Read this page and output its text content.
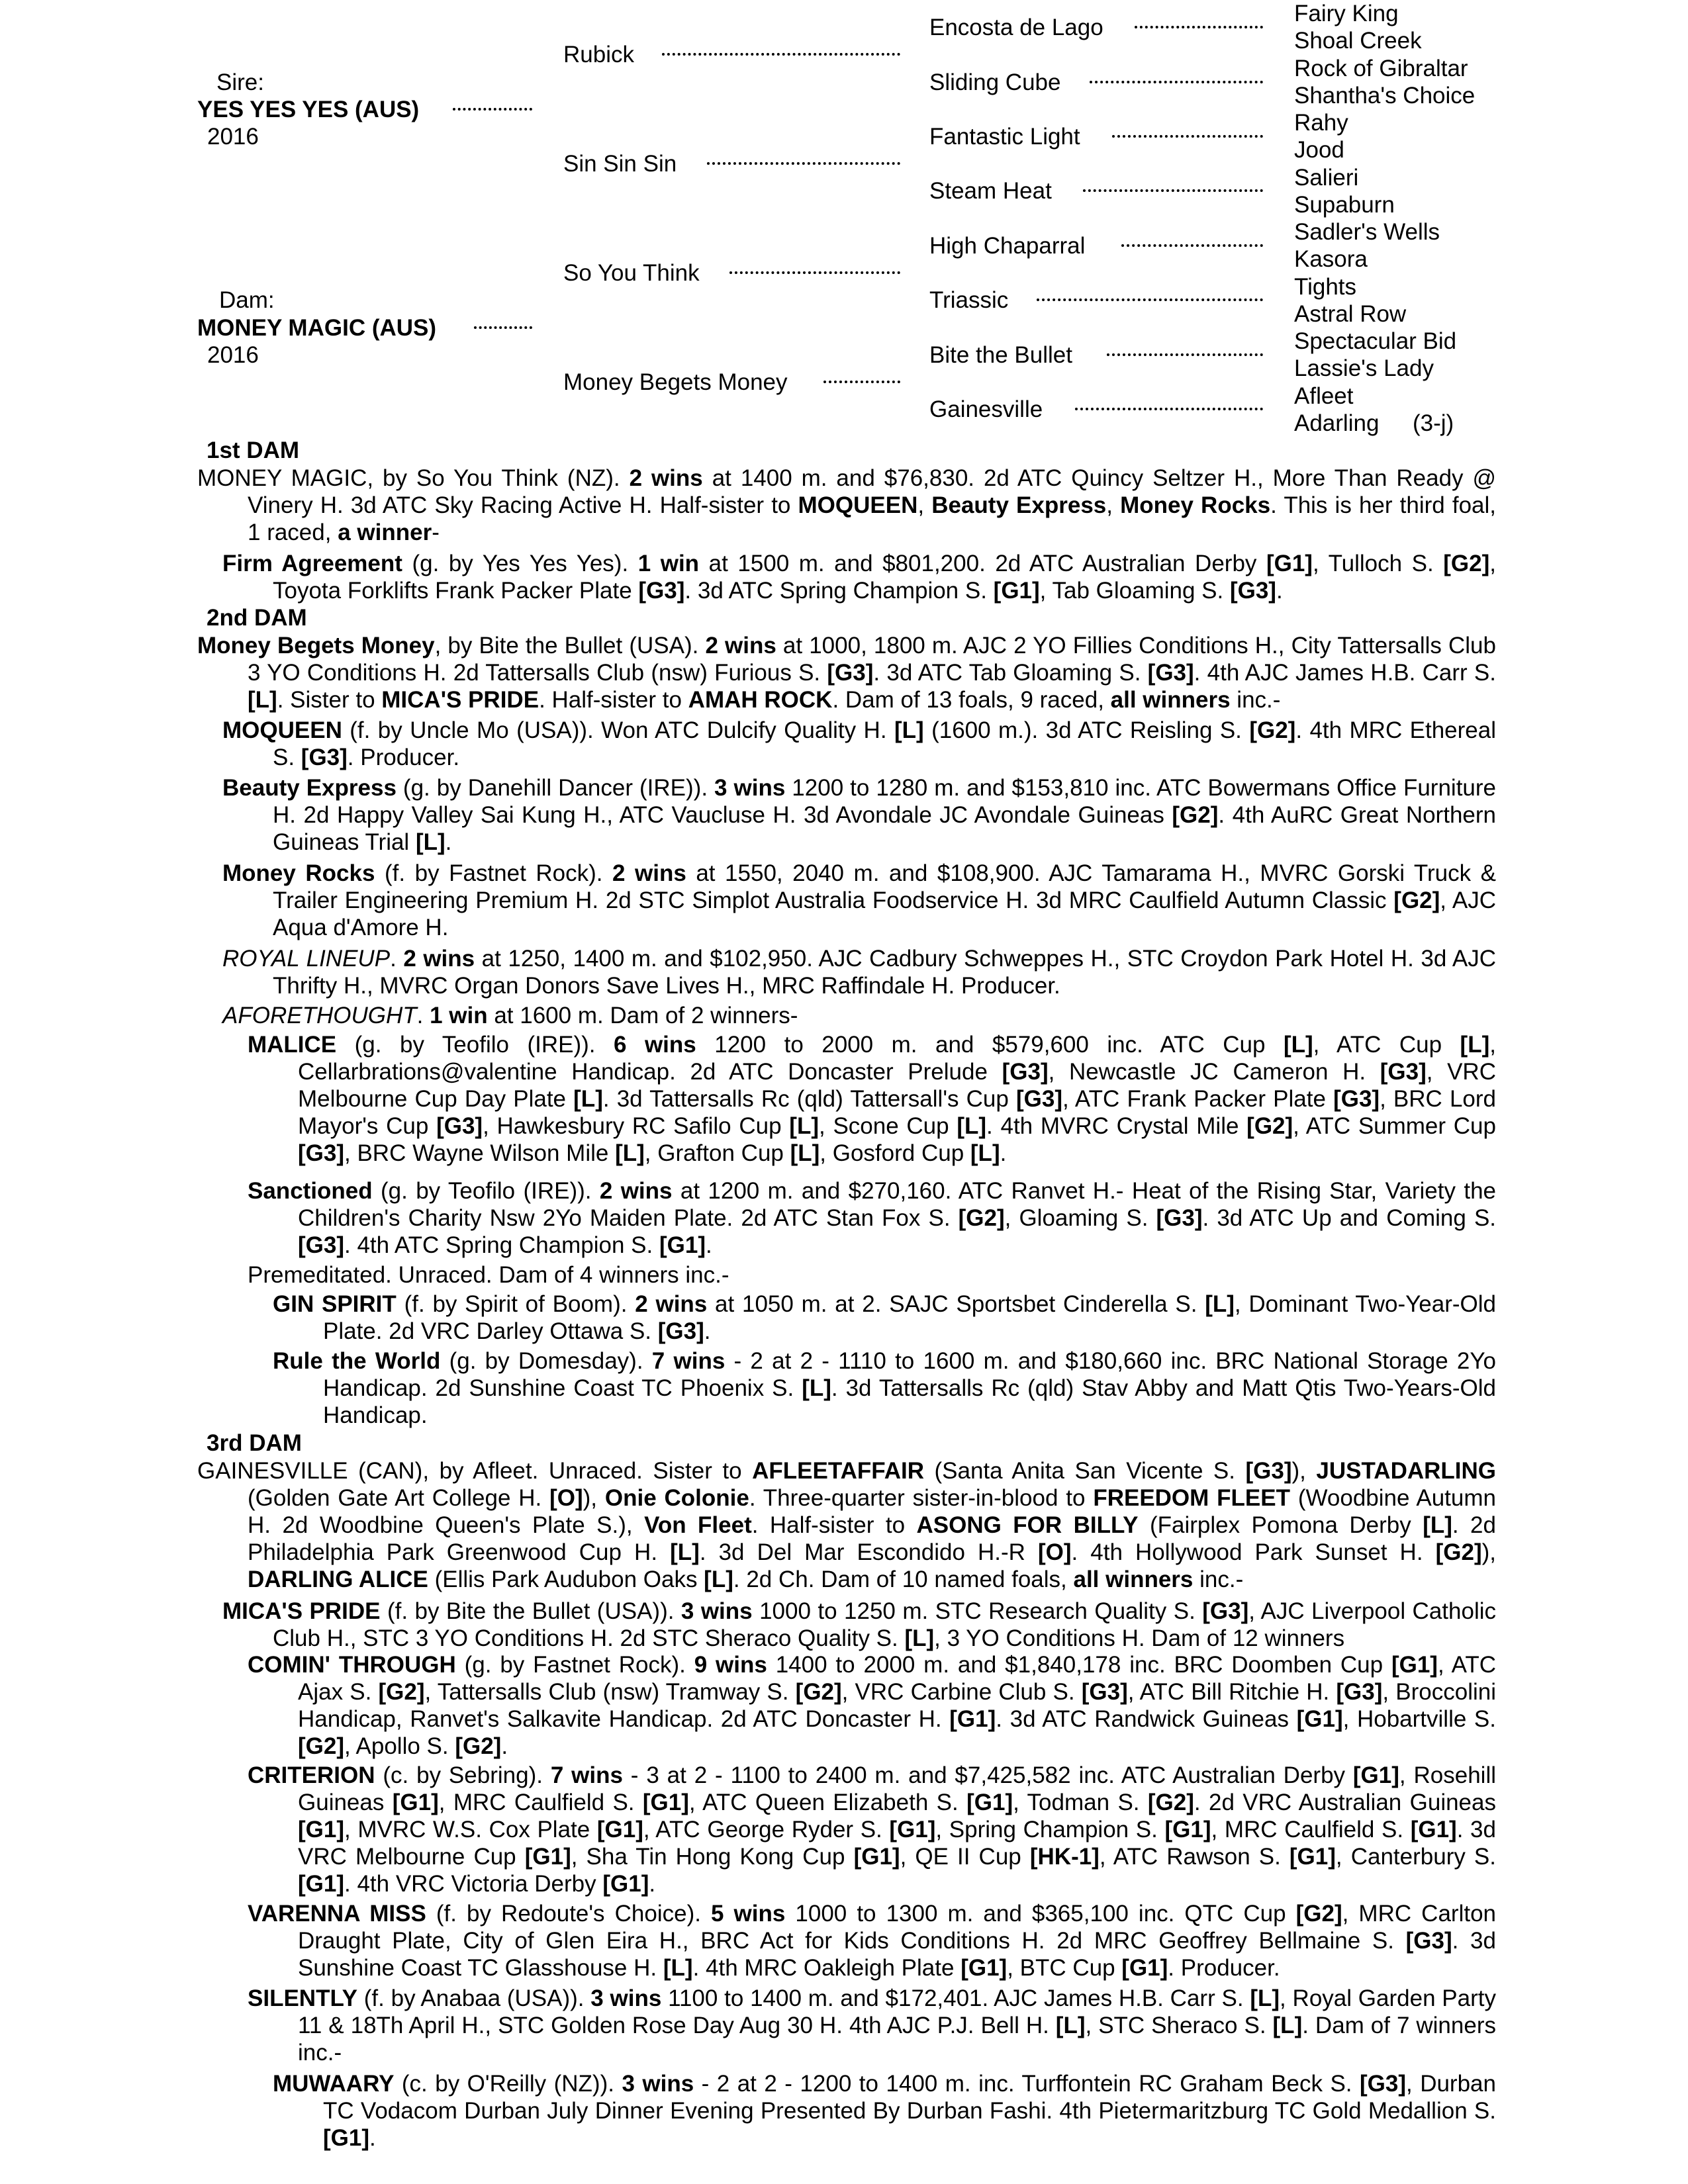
Sire:
YES YES YES (AUS)
2016
Dam:
MONEY MAGIC (AUS)
2016
Rubick
Sin Sin Sin
So You Think
Money Begets Money
Encosta de Lago
Sliding Cube
Fantastic Light
Steam Heat
High Chaparral
Triassic
Bite the Bullet
Gainesville
Fairy King
Shoal Creek
Rock of Gibraltar
Shantha's Choice
Rahy
Jood
Salieri
Supaburn
Sadler's Wells
Kasora
Tights
Astral Row
Spectacular Bid
Lassie's Lady
Afleet
Adarling (3-j)
1st DAM
MONEY MAGIC, by So You Think (NZ). 2 wins at 1400 m. and $76,830. 2d ATC Quincy Seltzer H., More Than Ready @ Vinery H. 3d ATC Sky Racing Active H. Half-sister to MOQUEEN, Beauty Express, Money Rocks. This is her third foal, 1 raced, a winner-
Firm Agreement (g. by Yes Yes Yes). 1 win at 1500 m. and $801,200. 2d ATC Australian Derby [G1], Tulloch S. [G2], Toyota Forklifts Frank Packer Plate [G3]. 3d ATC Spring Champion S. [G1], Tab Gloaming S. [G3].
2nd DAM
Money Begets Money, by Bite the Bullet (USA). 2 wins at 1000, 1800 m. AJC 2 YO Fillies Conditions H., City Tattersalls Club 3 YO Conditions H. 2d Tattersalls Club (nsw) Furious S. [G3]. 3d ATC Tab Gloaming S. [G3]. 4th AJC James H.B. Carr S. [L]. Sister to MICA'S PRIDE. Half-sister to AMAH ROCK. Dam of 13 foals, 9 raced, all winners inc.-
MOQUEEN (f. by Uncle Mo (USA)). Won ATC Dulcify Quality H. [L] (1600 m.). 3d ATC Reisling S. [G2]. 4th MRC Ethereal S. [G3]. Producer.
Beauty Express (g. by Danehill Dancer (IRE)). 3 wins 1200 to 1280 m. and $153,810 inc. ATC Bowermans Office Furniture H. 2d Happy Valley Sai Kung H., ATC Vaucluse H. 3d Avondale JC Avondale Guineas [G2]. 4th AuRC Great Northern Guineas Trial [L].
Money Rocks (f. by Fastnet Rock). 2 wins at 1550, 2040 m. and $108,900. AJC Tamarama H., MVRC Gorski Truck & Trailer Engineering Premium H. 2d STC Simplot Australia Foodservice H. 3d MRC Caulfield Autumn Classic [G2], AJC Aqua d'Amore H.
ROYAL LINEUP. 2 wins at 1250, 1400 m. and $102,950. AJC Cadbury Schweppes H., STC Croydon Park Hotel H. 3d AJC Thrifty H., MVRC Organ Donors Save Lives H., MRC Raffindale H. Producer.
AFORETHOUGHT. 1 win at 1600 m. Dam of 2 winners-
MALICE (g. by Teofilo (IRE)). 6 wins 1200 to 2000 m. and $579,600 inc. ATC Cup [L], ATC Cup [L], Cellarbrations@valentine Handicap. 2d ATC Doncaster Prelude [G3], Newcastle JC Cameron H. [G3], VRC Melbourne Cup Day Plate [L]. 3d Tattersalls Rc (qld) Tattersall's Cup [G3], ATC Frank Packer Plate [G3], BRC Lord Mayor's Cup [G3], Hawkesbury RC Safilo Cup [L], Scone Cup [L]. 4th MVRC Crystal Mile [G2], ATC Summer Cup [G3], BRC Wayne Wilson Mile [L], Grafton Cup [L], Gosford Cup [L].
Sanctioned (g. by Teofilo (IRE)). 2 wins at 1200 m. and $270,160. ATC Ranvet H.- Heat of the Rising Star, Variety the Children's Charity Nsw 2Yo Maiden Plate. 2d ATC Stan Fox S. [G2], Gloaming S. [G3]. 3d ATC Up and Coming S. [G3]. 4th ATC Spring Champion S. [G1].
Premeditated. Unraced. Dam of 4 winners inc.-
GIN SPIRIT (f. by Spirit of Boom). 2 wins at 1050 m. at 2. SAJC Sportsbet Cinderella S. [L], Dominant Two-Year-Old Plate. 2d VRC Darley Ottawa S. [G3].
Rule the World (g. by Domesday). 7 wins - 2 at 2 - 1110 to 1600 m. and $180,660 inc. BRC National Storage 2Yo Handicap. 2d Sunshine Coast TC Phoenix S. [L]. 3d Tattersalls Rc (qld) Stav Abby and Matt Qtis Two-Years-Old Handicap.
3rd DAM
GAINESVILLE (CAN), by Afleet. Unraced. Sister to AFLEETAFFAIR (Santa Anita San Vicente S. [G3]), JUSTADARLING (Golden Gate Art College H. [O]), Onie Colonie. Three-quarter sister-in-blood to FREEDOM FLEET (Woodbine Autumn H. 2d Woodbine Queen's Plate S.), Von Fleet. Half-sister to ASONG FOR BILLY (Fairplex Pomona Derby [L]. 2d Philadelphia Park Greenwood Cup H. [L]. 3d Del Mar Escondido H.-R [O]. 4th Hollywood Park Sunset H. [G2]), DARLING ALICE (Ellis Park Audubon Oaks [L]. 2d Ch. Dam of 10 named foals, all winners inc.-
MICA'S PRIDE (f. by Bite the Bullet (USA)). 3 wins 1000 to 1250 m. STC Research Quality S. [G3], AJC Liverpool Catholic Club H., STC 3 YO Conditions H. 2d STC Sheraco Quality S. [L], 3 YO Conditions H. Dam of 12 winners
COMIN' THROUGH (g. by Fastnet Rock). 9 wins 1400 to 2000 m. and $1,840,178 inc. BRC Doomben Cup [G1], ATC Ajax S. [G2], Tattersalls Club (nsw) Tramway S. [G2], VRC Carbine Club S. [G3], ATC Bill Ritchie H. [G3], Broccolini Handicap, Ranvet's Salkavite Handicap. 2d ATC Doncaster H. [G1]. 3d ATC Randwick Guineas [G1], Hobartville S. [G2], Apollo S. [G2].
CRITERION (c. by Sebring). 7 wins - 3 at 2 - 1100 to 2400 m. and $7,425,582 inc. ATC Australian Derby [G1], Rosehill Guineas [G1], MRC Caulfield S. [G1], ATC Queen Elizabeth S. [G1], Todman S. [G2]. 2d VRC Australian Guineas [G1], MVRC W.S. Cox Plate [G1], ATC George Ryder S. [G1], Spring Champion S. [G1], MRC Caulfield S. [G1]. 3d VRC Melbourne Cup [G1], Sha Tin Hong Kong Cup [G1], QE II Cup [HK-1], ATC Rawson S. [G1], Canterbury S. [G1]. 4th VRC Victoria Derby [G1].
VARENNA MISS (f. by Redoute's Choice). 5 wins 1000 to 1300 m. and $365,100 inc. QTC Cup [G2], MRC Carlton Draught Plate, City of Glen Eira H., BRC Act for Kids Conditions H. 2d MRC Geoffrey Bellmaine S. [G3]. 3d Sunshine Coast TC Glasshouse H. [L]. 4th MRC Oakleigh Plate [G1], BTC Cup [G1]. Producer.
SILENTLY (f. by Anabaa (USA)). 3 wins 1100 to 1400 m. and $172,401. AJC James H.B. Carr S. [L], Royal Garden Party 11 & 18Th April H., STC Golden Rose Day Aug 30 H. 4th AJC P.J. Bell H. [L], STC Sheraco S. [L]. Dam of 7 winners inc.-
MUWAARY (c. by O'Reilly (NZ)). 3 wins - 2 at 2 - 1200 to 1400 m. inc. Turffontein RC Graham Beck S. [G3], Durban TC Vodacom Durban July Dinner Evening Presented By Durban Fashi. 4th Pietermaritzburg TC Gold Medallion S. [G1].
